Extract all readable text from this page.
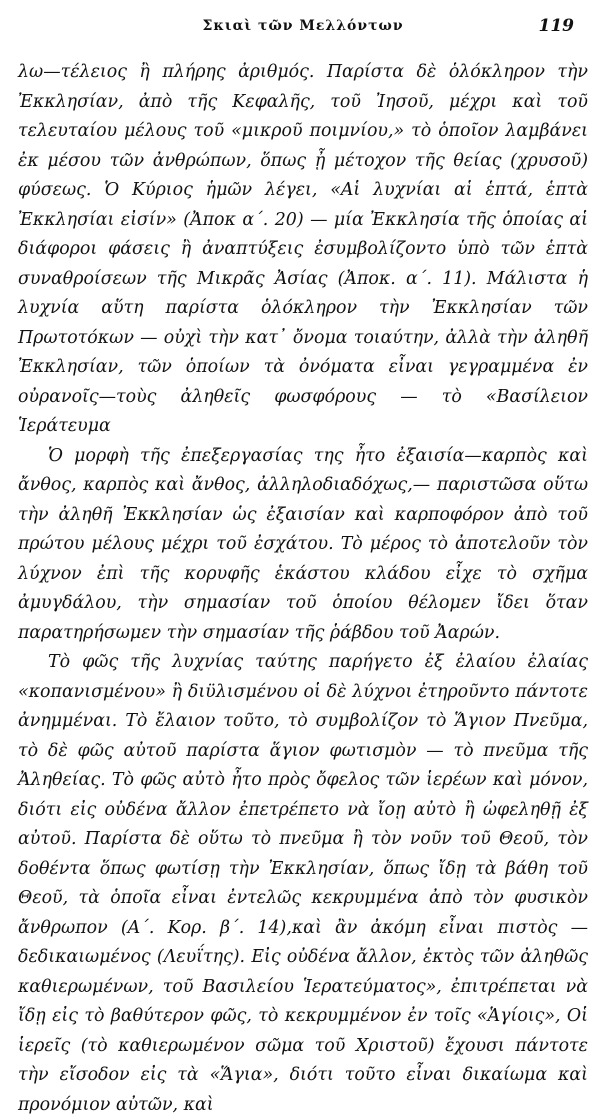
Σκιαὶ τῶν Μελλόντων	119

λω—τέλειος ἢ πλήρης ἀριθμός. Παρίστα δὲ ὁλόκληρον τὴν Ἐκκλησίαν, ἀπὸ τῆς Κεφαλῆς, τοῦ Ἰησοῦ, μέχρι καὶ τοῦ τελευταίου μέλους τοῦ «μικροῦ ποιμνίου,» τὸ ὁποῖον λαμβάνει ἐκ μέσου τῶν ἀνθρώπων, ὅπως ᾖ μέτοχον τῆς θείας (χρυσοῦ) φύσεως. Ὁ Κύριος ἡμῶν λέγει, «Αἱ λυχνίαι αἱ ἑπτά, ἑπτὰ Ἐκκλησίαι εἰσίν» (Ἀποκ α΄. 20) — μία Ἐκκλησία τῆς ὁποίας αἱ διάφοροι φάσεις ἢ ἀναπτύξεις ἐσυμβολίζοντο ὑπὸ τῶν ἑπτὰ συναθροίσεων τῆς Μικρᾶς Ἀσίας (Ἀποκ. α΄. 11). Μάλιστα ἡ λυχνία αὕτη παρίστα ὁλόκληρον τὴν Ἐκκλησίαν τῶν Πρωτοτόκων — οὐχὶ τὴν κατ᾽ ὄνομα τοιαύτην, ἀλλὰ τὴν ἀληθῆ Ἐκκλησίαν, τῶν ὁποίων τὰ ὀνόματα εἶναι γεγραμμένα ἐν οὐρανοῖς—τοὺς ἀληθεῖς φωσφόρους — τὸ «Βασίλειον Ἱεράτευμα

Ὁ μορφὴ τῆς ἐπεξεργασίας της ἦτο ἐξαισία—καρπὸς καὶ ἄνθος, καρπὸς καὶ ἄνθος, ἀλληλοδιαδόχως,— παριστῶσα οὕτω τὴν ἀληθῆ Ἐκκλησίαν ὡς ἐξαισίαν καὶ καρποφόρον ἀπὸ τοῦ πρώτου μέλους μέχρι τοῦ ἐσχάτου. Τὸ μέρος τὸ ἀποτελοῦν τὸν λύχνον ἐπὶ τῆς κορυφῆς ἑκάστου κλάδου εἶχε τὸ σχῆμα ἀμυγδάλου, τὴν σημασίαν τοῦ ὁποίου θέλομεν ἴδει ὅταν παρατηρήσωμεν τὴν σημασίαν τῆς ῥάβδου τοῦ Ἀαρών.

Τὸ φῶς τῆς λυχνίας ταύτης παρήγετο ἐξ ἐλαίου ἐλαίας «κοπανισμένου» ἢ διϋλισμένου οἱ δὲ λύχνοι ἐτηροῦντο πάντοτε ἀνημμέναι. Τὸ ἔλαιον τοῦτο, τὸ συμβολίζον τὸ Ἅγιον Πνεῦμα, τὸ δὲ φῶς αὐτοῦ παρίστα ἅγιον φωτισμὸν — τὸ πνεῦμα τῆς Ἀληθείας. Τὸ φῶς αὐτὸ ἦτο πρὸς ὄφελος τῶν ἱερέων καὶ μόνον, διότι εἰς οὐδένα ἄλλον ἐπετρέπετο νὰ ἴοῃ αὐτὸ ἢ ὠφεληθῇ ἐξ αὐτοῦ. Παρίστα δὲ οὕτω τὸ πνεῦμα ἢ τὸν νοῦν τοῦ Θεοῦ, τὸν δοθέντα ὅπως φωτίσῃ τὴν Ἐκκλησίαν, ὅπως ἴδῃ τὰ βάθη τοῦ Θεοῦ, τὰ ὁποῖα εἶναι ἐντελῶς κεκρυμμένα ἀπὸ τὸν φυσικὸν ἄνθρωπον (Α΄. Κορ. β΄. 14),καὶ ἂν ἀκόμη εἶναι πιστὸς — δεδικαιωμένος (Λευΐτης). Εἰς οὐδένα ἄλλον, ἐκτὸς τῶν ἀληθῶς καθιερωμένων, τοῦ Βασιλείου Ἱερατεύματος», ἐπιτρέπεται νὰ ἴδῃ εἰς τὸ βαθύτερον φῶς, τὸ κεκρυμμένον ἐν τοῖς «Ἁγίοις», Οἱ ἱερεῖς (τὸ καθιερωμένον σῶμα τοῦ Χριστοῦ) ἔχουσι πάντοτε τὴν εἴσοδον εἰς τὰ «Ἅγια», διότι τοῦτο εἶναι δικαίωμα καὶ προνόμιον αὐτῶν, καὶ
